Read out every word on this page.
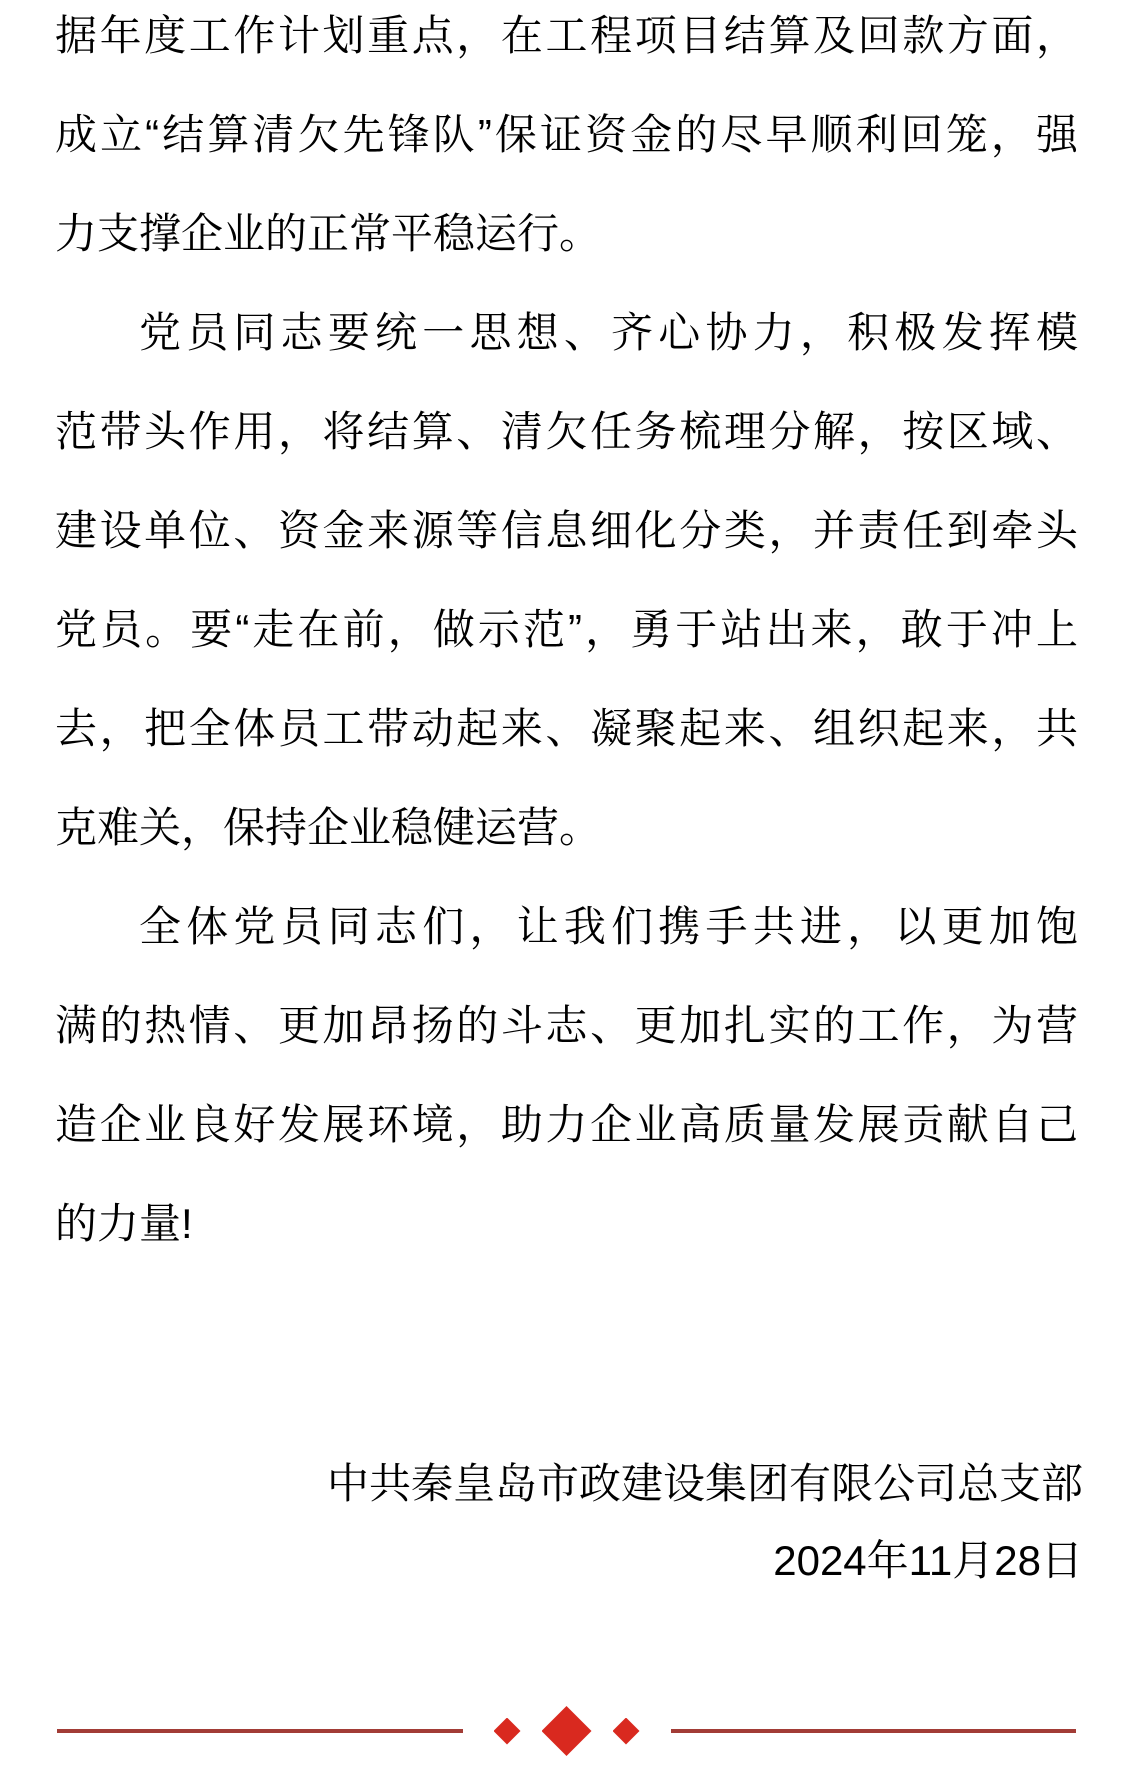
据年度工作计划重点，在工程项目结算及回款方面，
成立“结算清欠先锋队”保证资金的尽早顺利回笼，强
力支撑企业的正常平稳运行。
党员同志要统一思想、齐心协力，积极发挥模
范带头作用，将结算、清欠任务梳理分解，按区域、
建设单位、资金来源等信息细化分类，并责任到牵头
党员。要“走在前，做示范”，勇于站出来，敢于冲上
去，把全体员工带动起来、凝聚起来、组织起来，共
克难关，保持企业稳健运营。
全体党员同志们，让我们携手共进，以更加饱
满的热情、更加昂扬的斗志、更加扎实的工作，为营
造企业良好发展环境，助力企业高质量发展贡献自己
的力量!
中共秦皇岛市政建设集团有限公司总支部
2024年11月28日
